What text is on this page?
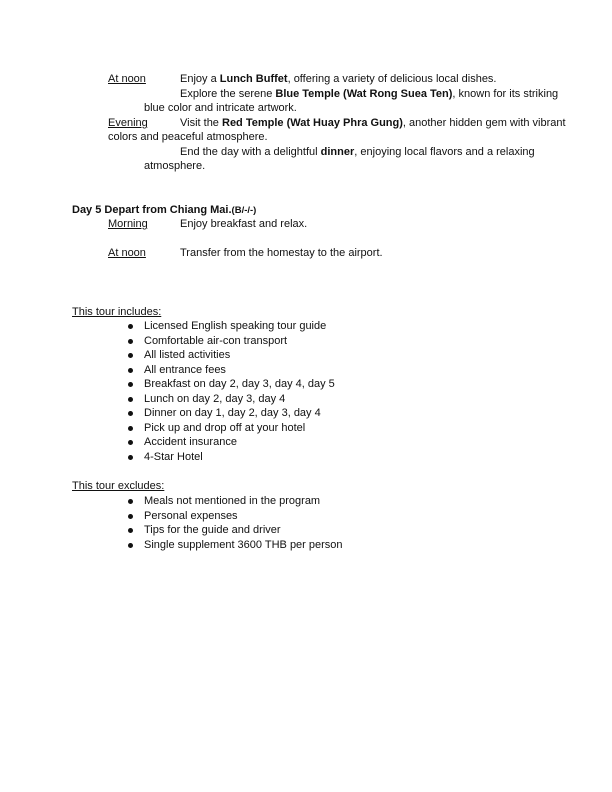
At noon	Enjoy a Lunch Buffet, offering a variety of delicious local dishes.
Explore the serene Blue Temple (Wat Rong Suea Ten), known for its striking
blue color and intricate artwork.
Evening	Visit the Red Temple (Wat Huay Phra Gung), another hidden gem with vibrant
colors and peaceful atmosphere.
End the day with a delightful dinner, enjoying local flavors and a relaxing
atmosphere.
Day 5 Depart from Chiang Mai.(B/-/-)
Morning	Enjoy breakfast and relax.
At noon	Transfer from the homestay to the airport.
This tour includes:
Licensed English speaking tour guide
Comfortable air-con transport
All listed activities
All entrance fees
Breakfast on day 2, day 3, day 4, day 5
Lunch on day 2, day 3, day 4
Dinner on day 1, day 2, day 3, day 4
Pick up and drop off at your hotel
Accident insurance
4-Star Hotel
This tour excludes:
Meals not mentioned in the program
Personal expenses
Tips for the guide and driver
Single supplement 3600 THB per person
